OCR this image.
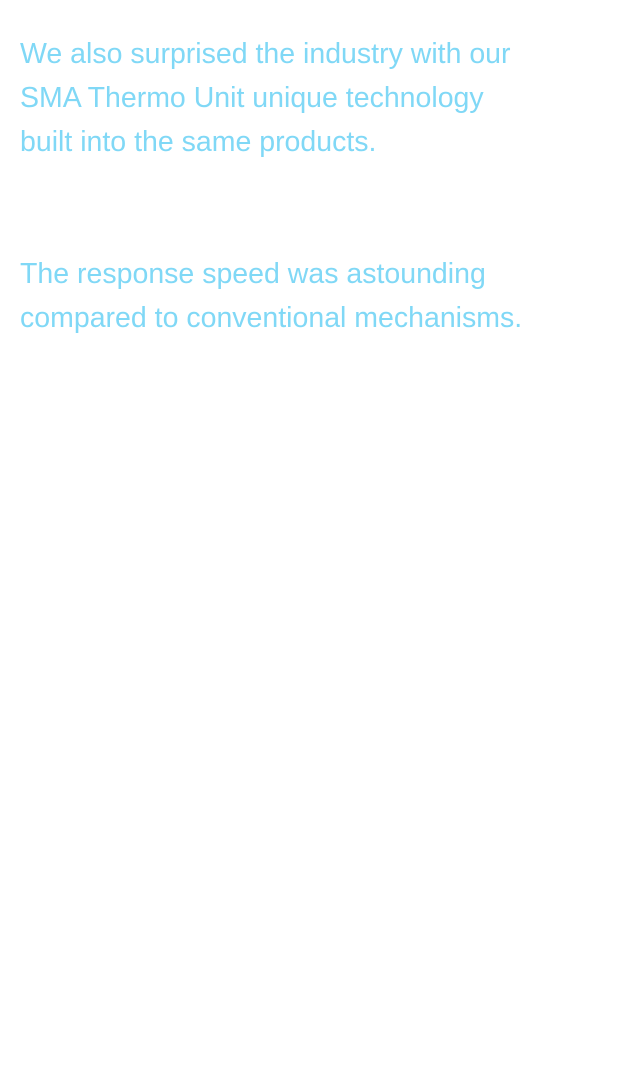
We also surprised the industry with our
SMA Thermo Unit unique technology
built into the same products.

The response speed was astounding
compared to conventional mechanisms.
